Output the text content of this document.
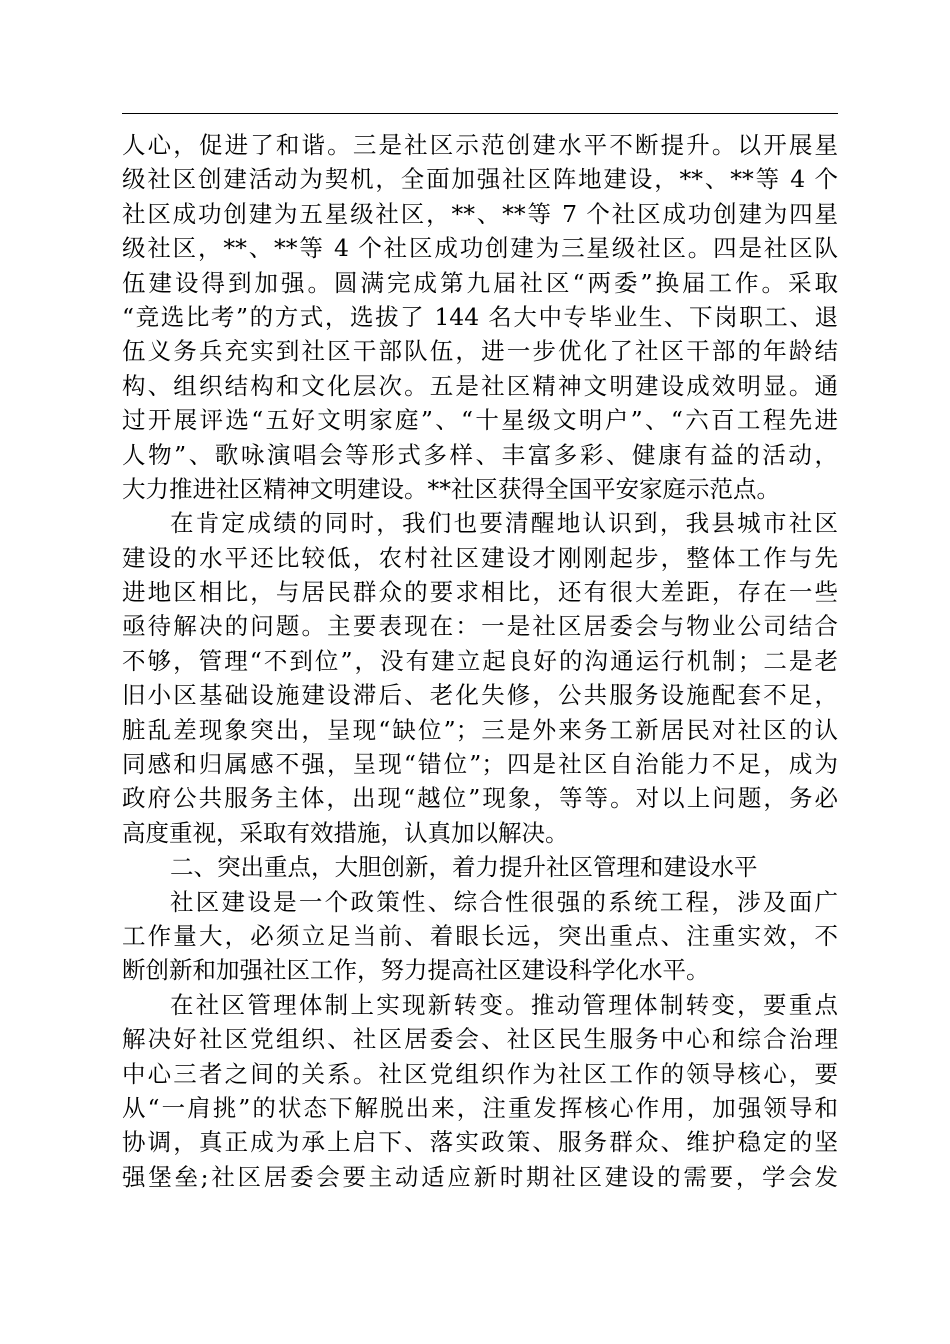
人心，促进了和谐。三是社区示范创建水平不断提升。以开展星
级社区创建活动为契机，全面加强社区阵地建设，**、**等 4 个
社区成功创建为五星级社区，**、**等 7 个社区成功创建为四星
级社区，**、**等 4 个社区成功创建为三星级社区。四是社区队
伍建设得到加强。圆满完成第九届社区“两委”换届工作。采取
“竞选比考”的方式，选拔了 144 名大中专毕业生、下岗职工、退
伍义务兵充实到社区干部队伍，进一步优化了社区干部的年龄结
构、组织结构和文化层次。五是社区精神文明建设成效明显。通
过开展评选“五好文明家庭”、“十星级文明户”、“六百工程先进
人物”、歌咏演唱会等形式多样、丰富多彩、健康有益的活动，
大力推进社区精神文明建设。**社区获得全国平安家庭示范点。
在肯定成绩的同时，我们也要清醒地认识到，我县城市社区
建设的水平还比较低，农村社区建设才刚刚起步，整体工作与先
进地区相比，与居民群众的要求相比，还有很大差距，存在一些
亟待解决的问题。主要表现在：一是社区居委会与物业公司结合
不够，管理“不到位”，没有建立起良好的沟通运行机制；二是老
旧小区基础设施建设滞后、老化失修，公共服务设施配套不足，
脏乱差现象突出，呈现“缺位”；三是外来务工新居民对社区的认
同感和归属感不强，呈现“错位”；四是社区自治能力不足，成为
政府公共服务主体，出现“越位”现象，等等。对以上问题，务必
高度重视，采取有效措施，认真加以解决。
二、突出重点，大胆创新，着力提升社区管理和建设水平
社区建设是一个政策性、综合性很强的系统工程，涉及面广
工作量大，必须立足当前、着眼长远，突出重点、注重实效，不
断创新和加强社区工作，努力提高社区建设科学化水平。
在社区管理体制上实现新转变。推动管理体制转变，要重点
解决好社区党组织、社区居委会、社区民生服务中心和综合治理
中心三者之间的关系。社区党组织作为社区工作的领导核心，要
从“一肩挑”的状态下解脱出来，注重发挥核心作用，加强领导和
协调，真正成为承上启下、落实政策、服务群众、维护稳定的坚
强堡垒;社区居委会要主动适应新时期社区建设的需要，学会发
